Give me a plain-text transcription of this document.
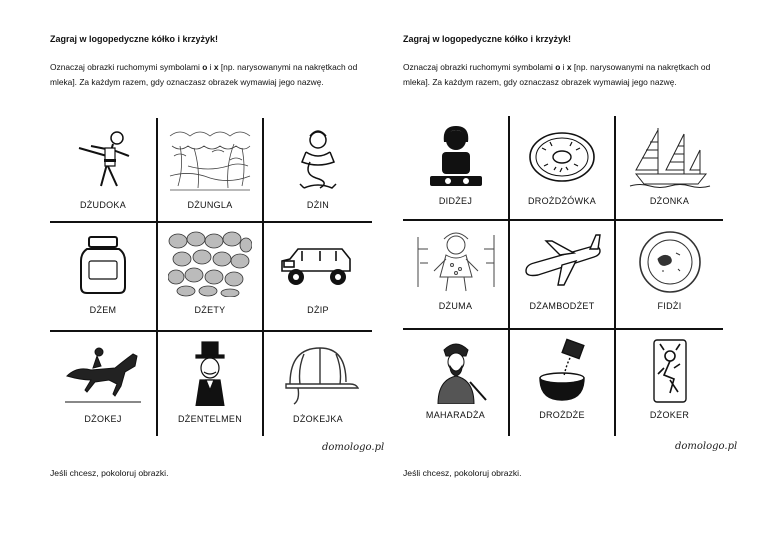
Zagraj w logopedyczne kółko i krzyżyk!
Oznaczaj obrazki ruchomymi symbolami o i x [np. narysowanymi na nakrętkach od mleka]. Za każdym razem, gdy oznaczasz obrazek wymawiaj jego nazwę.
DŻUDOKA	DŻUNGLA	DŻIN
DŻEM	DŻETY	DŻIP
DŻOKEJ	DŻENTELMEN	DŻOKEJKA
domologo.pl
Jeśli chcesz, pokoloruj obrazki.
Zagraj w logopedyczne kółko i krzyżyk!
Oznaczaj obrazki ruchomymi symbolami o i x [np. narysowanymi na nakrętkach od mleka]. Za każdym razem, gdy oznaczasz obrazek wymawiaj jego nazwę.
DIDŻEJ	DROŻDŻÓWKA	DŻONKA
DŻUMA	DŻAMBODŻET	FIDŻI
MAHARADŻA	DROŻDŻE	DŻOKER
domologo.pl
Jeśli chcesz, pokoloruj obrazki.
